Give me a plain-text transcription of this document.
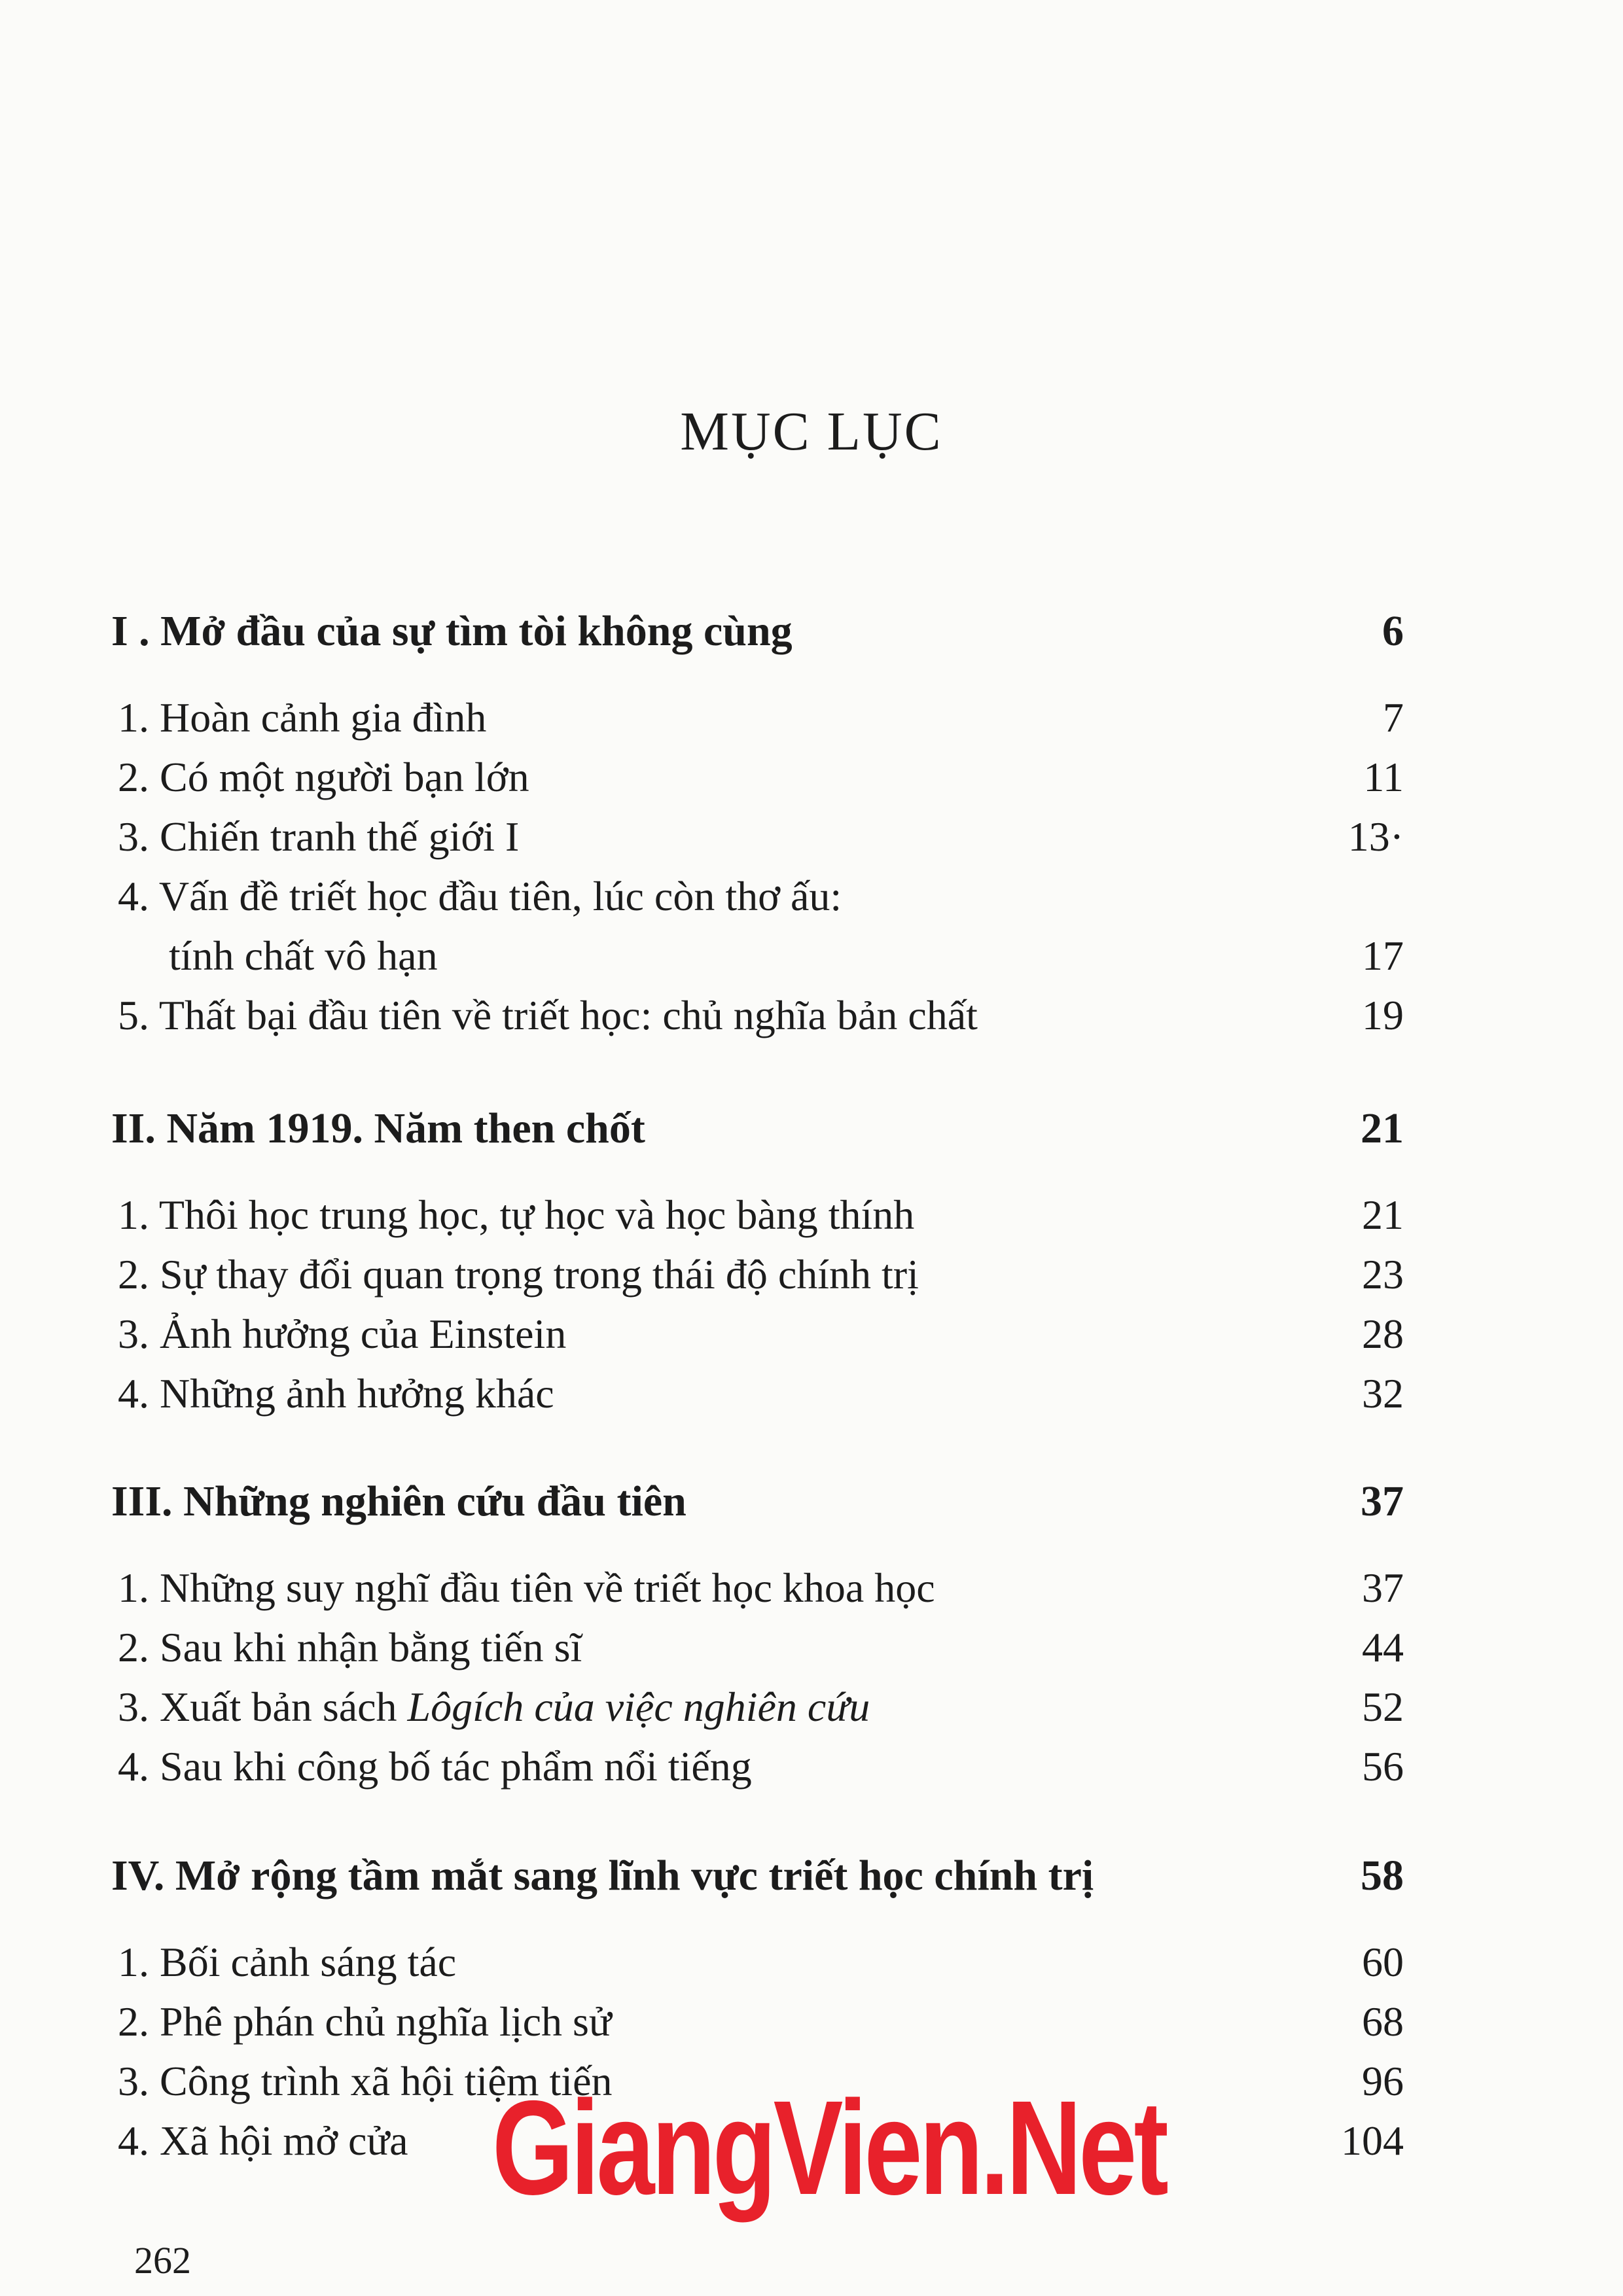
MỤC LỤC
I . Mở đầu của sự tìm tòi không cùng	6
1. Hoàn cảnh gia đình	7
2. Có một người bạn lớn	11
3. Chiến tranh thế giới I	13·
4. Vấn đề triết học đầu tiên, lúc còn thơ ấu:
tính chất vô hạn	17
5. Thất bại đầu tiên về triết học: chủ nghĩa bản chất	19
II. Năm 1919. Năm then chốt	21
1. Thôi học trung học, tự học và học bàng thính	21
2. Sự thay đổi quan trọng trong thái độ chính trị	23
3. Ảnh hưởng của Einstein	28
4. Những ảnh hưởng khác	32
III. Những nghiên cứu đầu tiên	37
1. Những suy nghĩ đầu tiên về triết học khoa học	37
2. Sau khi nhận bằng tiến sĩ	44
3. Xuất bản sách Lôgích của việc nghiên cứu	52
4. Sau khi công bố tác phẩm nổi tiếng	56
IV. Mở rộng tầm mắt sang lĩnh vực triết học chính trị	58
1. Bối cảnh sáng tác	60
2. Phê phán chủ nghĩa lịch sử	68
3. Công trình xã hội tiệm tiến	96
4. Xã hội mở cửa	104
262
GiangVien.Net
